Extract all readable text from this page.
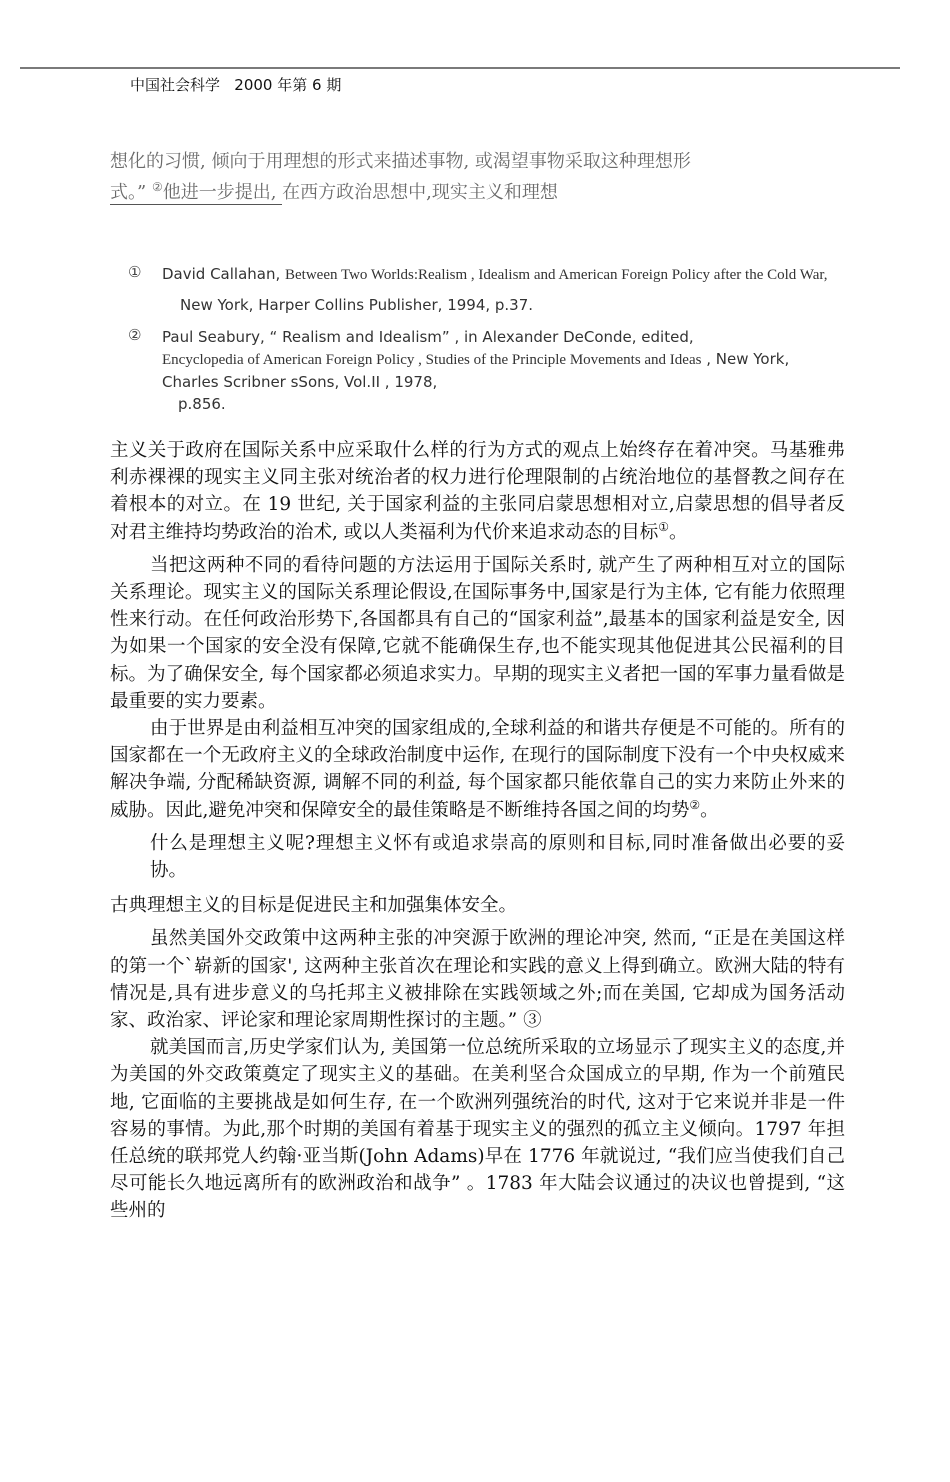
中国社会科学   2000 年第 6 期
想化的习惯, 倾向于用理想的形式来描述事物, 或渴望事物采取这种理想形
式。” ②他进一步提出, 在西方政治思想中,现实主义和理想
① David Callahan, Between Two Worlds:Realism , Idealism and American Foreign Policy after the Cold War,
New York, Harper Collins Publisher, 1994, p.37.
② Paul Seabury, “ Realism and Idealism” , in Alexander DeConde, edited,
Encyclopedia of American Foreign Policy , Studies of the Principle Movements and Ideas , New York, Charles Scribner sSons, Vol.II , 1978,
p.856.

主义关于政府在国际关系中应采取什么样的行为方式的观点上始终存在着冲突。马基雅弗利赤裸裸的现实主义同主张对统治者的权力进行伦理限制的占统治地位的基督教之间存在着根本的对立。在 19 世纪, 关于国家利益的主张同启蒙思想相对立,启蒙思想的倡导者反对君主维持均势政治的治术, 或以人类福利为代价来追求动态的目标①。

当把这两种不同的看待问题的方法运用于国际关系时, 就产生了两种相互对立的国际关系理论。现实主义的国际关系理论假设,在国际事务中,国家是行为主体, 它有能力依照理性来行动。在任何政治形势下,各国都具有自己的“国家利益”,最基本的国家利益是安全, 因为如果一个国家的安全没有保障,它就不能确保生存,也不能实现其他促进其公民福利的目标。为了确保安全, 每个国家都必须追求实力。早期的现实主义者把一国的军事力量看做是最重要的实力要素。

由于世界是由利益相互冲突的国家组成的,全球利益的和谐共存便是不可能的。所有的国家都在一个无政府主义的全球政治制度中运作, 在现行的国际制度下没有一个中央权威来解决争端, 分配稀缺资源, 调解不同的利益, 每个国家都只能依靠自己的实力来防止外来的威胁。因此,避免冲突和保障安全的最佳策略是不断维持各国之间的均势②。

什么是理想主义呢?理想主义怀有或追求崇高的原则和目标,同时准备做出必要的妥协。

古典理想主义的目标是促进民主和加强集体安全。

虽然美国外交政策中这两种主张的冲突源于欧洲的理论冲突, 然而, “正是在美国这样的第一个`崭新的国家', 这两种主张首次在理论和实践的意义上得到确立。欧洲大陆的特有情况是,具有进步意义的乌托邦主义被排除在实践领域之外;而在美国, 它却成为国务活动家、政治家、评论家和理论家周期性探讨的主题。” ③

就美国而言,历史学家们认为, 美国第一位总统所采取的立场显示了现实主义的态度,并为美国的外交政策奠定了现实主义的基础。在美利坚合众国成立的早期, 作为一个前殖民地, 它面临的主要挑战是如何生存, 在一个欧洲列强统治的时代, 这对于它来说并非是一件容易的事情。为此,那个时期的美国有着基于现实主义的强烈的孤立主义倾向。1797 年担任总统的联邦党人约翰·亚当斯(John Adams)早在 1776 年就说过, “我们应当使我们自己尽可能长久地远离所有的欧洲政治和战争” 。1783 年大陆会议通过的决议也曾提到, “这些州的
